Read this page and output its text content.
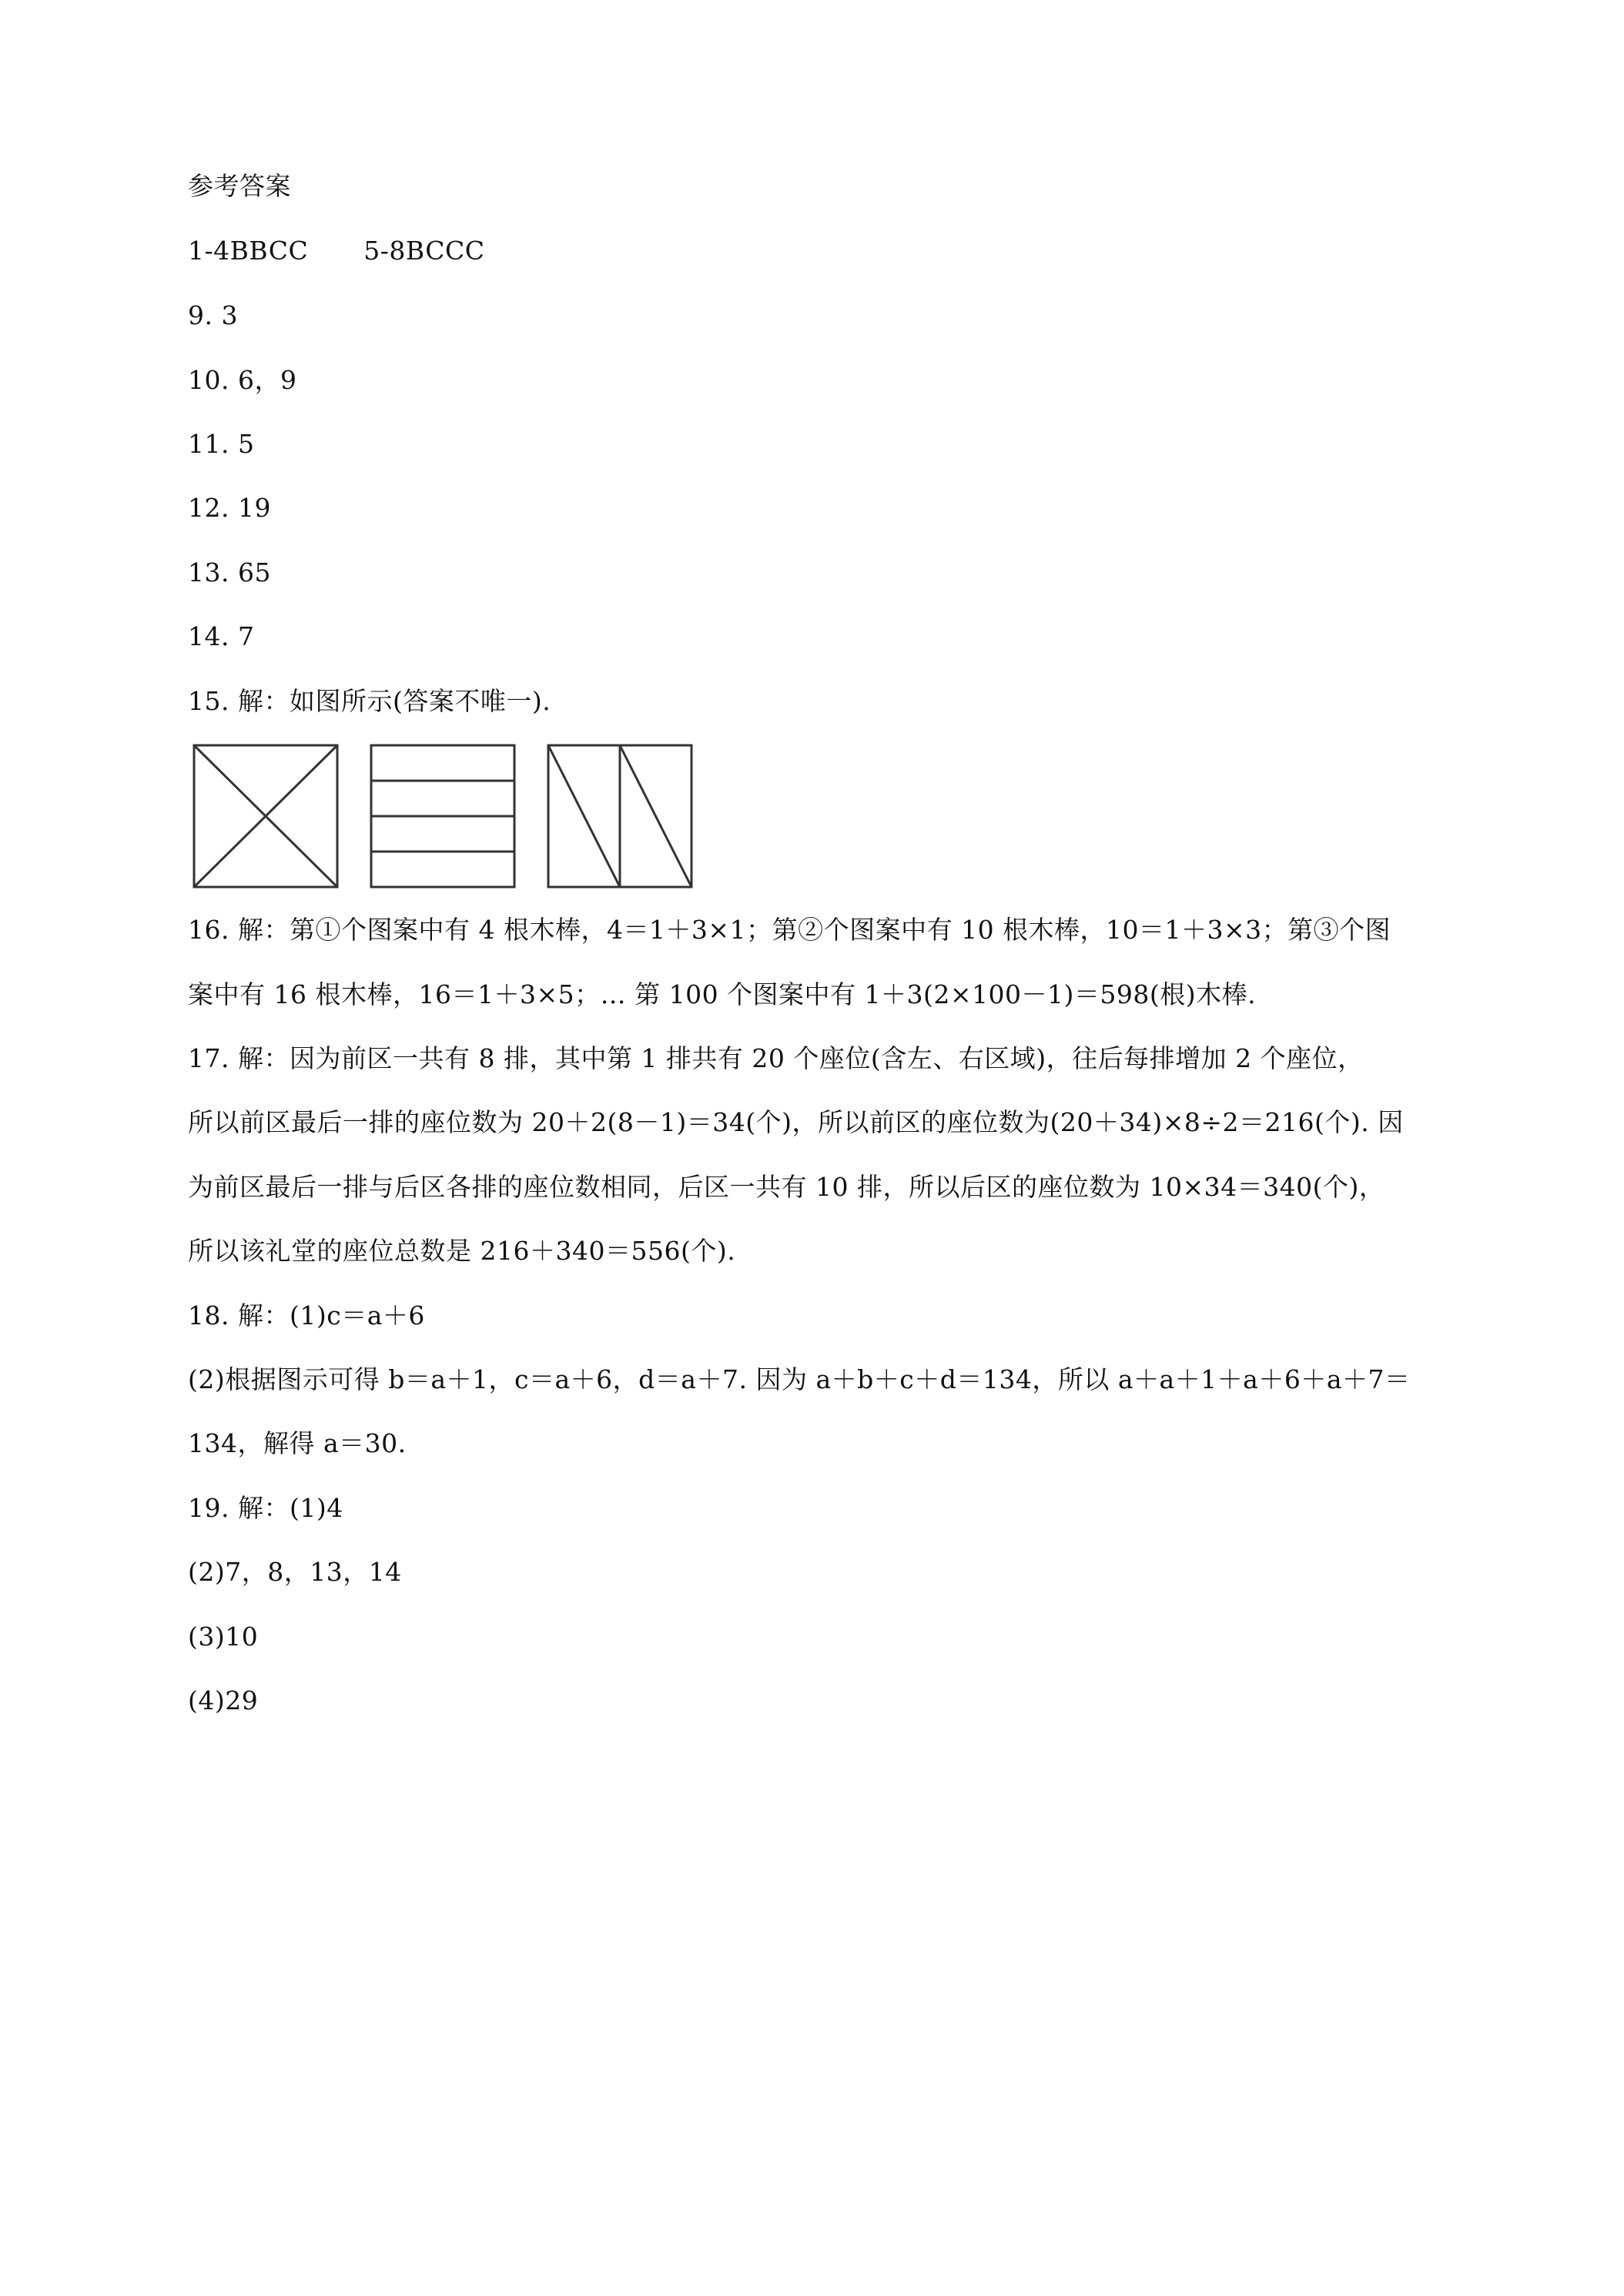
参考答案
1-4BBCC 5-8BCCC
9. 3
10. 6，9
11. 5
12. 19
13. 65
14. 7
15. 解：如图所示(答案不唯一).
16. 解：第①个图案中有 4 根木棒，4＝1＋3×1；第②个图案中有 10 根木棒，10＝1＋3×3；第③个图
案中有 16 根木棒，16＝1＋3×5；… 第 100 个图案中有 1＋3(2×100－1)＝598(根)木棒.
17. 解：因为前区一共有 8 排，其中第 1 排共有 20 个座位(含左、右区域)，往后每排增加 2 个座位，
所以前区最后一排的座位数为 20＋2(8－1)＝34(个)，所以前区的座位数为(20＋34)×8÷2＝216(个). 因
为前区最后一排与后区各排的座位数相同，后区一共有 10 排，所以后区的座位数为 10×34＝340(个)，
所以该礼堂的座位总数是 216＋340＝556(个).
18. 解：(1)c＝a＋6
(2)根据图示可得 b＝a＋1，c＝a＋6，d＝a＋7. 因为 a＋b＋c＋d＝134，所以 a＋a＋1＋a＋6＋a＋7＝
134，解得 a＝30.
19. 解：(1)4
(2)7，8，13，14
(3)10
(4)29
